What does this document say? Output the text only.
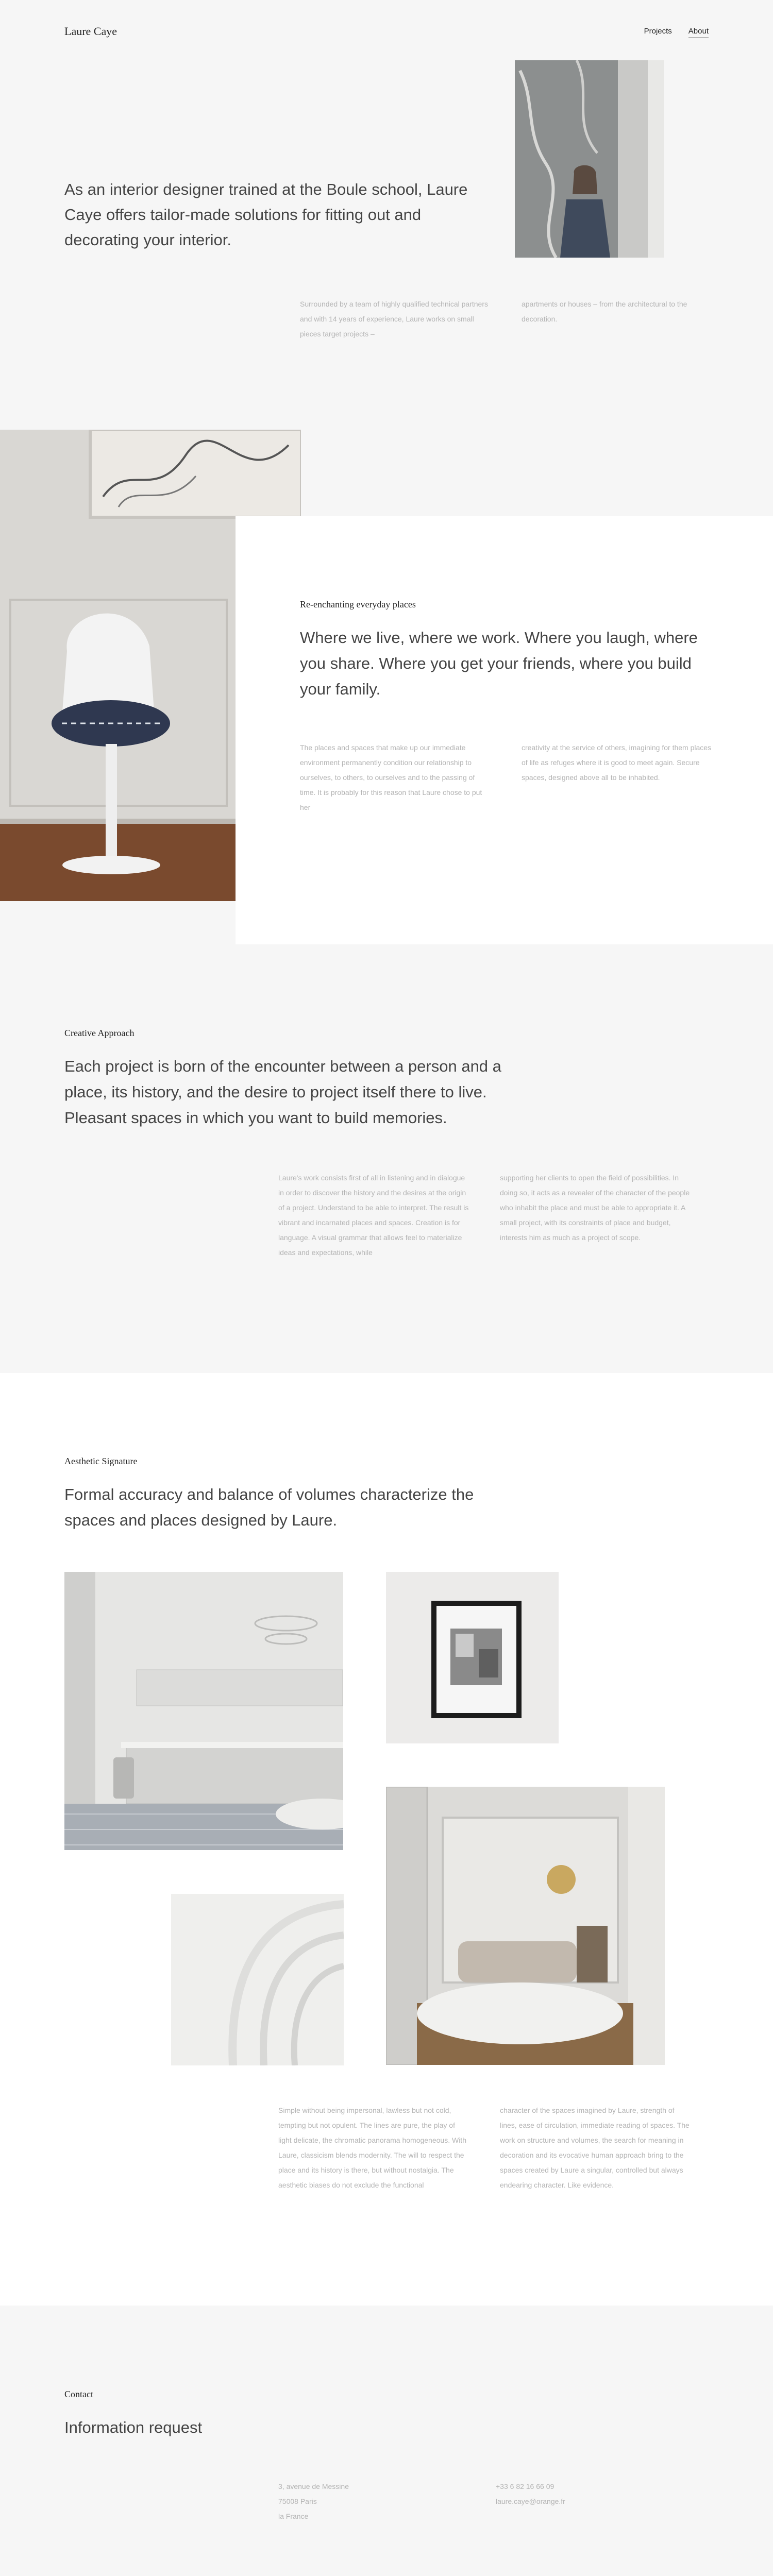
Laure Caye	Projects About
As an interior designer trained at the Boule school, Laure Caye offers tailor-made solutions for fitting out and decorating your interior.

Surrounded by a team of highly qualified technical partners and with 14 years of experience, Laure works on small pieces target projects –

apartments or houses – from the architectural to the decoration.

Re-enchanting everyday places
Where we live, where we work. Where you laugh, where you share. Where you get your friends, where you build your family.

The places and spaces that make up our immediate environment permanently condition our relationship to ourselves, to others, to ourselves and to the passing of time. It is probably for this reason that Laure chose to put her

creativity at the service of others, imagining for them places of life as refuges where it is good to meet again. Secure spaces, designed above all to be inhabited.

Creative Approach
Each project is born of the encounter between a person and a place, its history, and the desire to project itself there to live. Pleasant spaces in which you want to build memories.

Laure's work consists first of all in listening and in dialogue in order to discover the history and the desires at the origin of a project. Understand to be able to interpret. The result is vibrant and incarnated places and spaces. Creation is for language. A visual grammar that allows feel to materialize ideas and expectations, while

supporting her clients to open the field of possibilities. In doing so, it acts as a revealer of the character of the people who inhabit the place and must be able to appropriate it. A small project, with its constraints of place and budget, interests him as much as a project of scope.

Aesthetic Signature
Formal accuracy and balance of volumes characterize the spaces and places designed by Laure.

Simple without being impersonal, lawless but not cold, tempting but not opulent. The lines are pure, the play of light delicate, the chromatic panorama homogeneous. With Laure, classicism blends modernity. The will to respect the place and its history is there, but without nostalgia. The aesthetic biases do not exclude the functional

character of the spaces imagined by Laure, strength of lines, ease of circulation, immediate reading of spaces. The work on structure and volumes, the search for meaning in decoration and its evocative human approach bring to the spaces created by Laure a singular, controlled but always endearing character. Like evidence.

Contact
Information request
3, avenue de Messine
75008 Paris
la France
+33 6 82 16 66 09
laure.caye@orange.fr
